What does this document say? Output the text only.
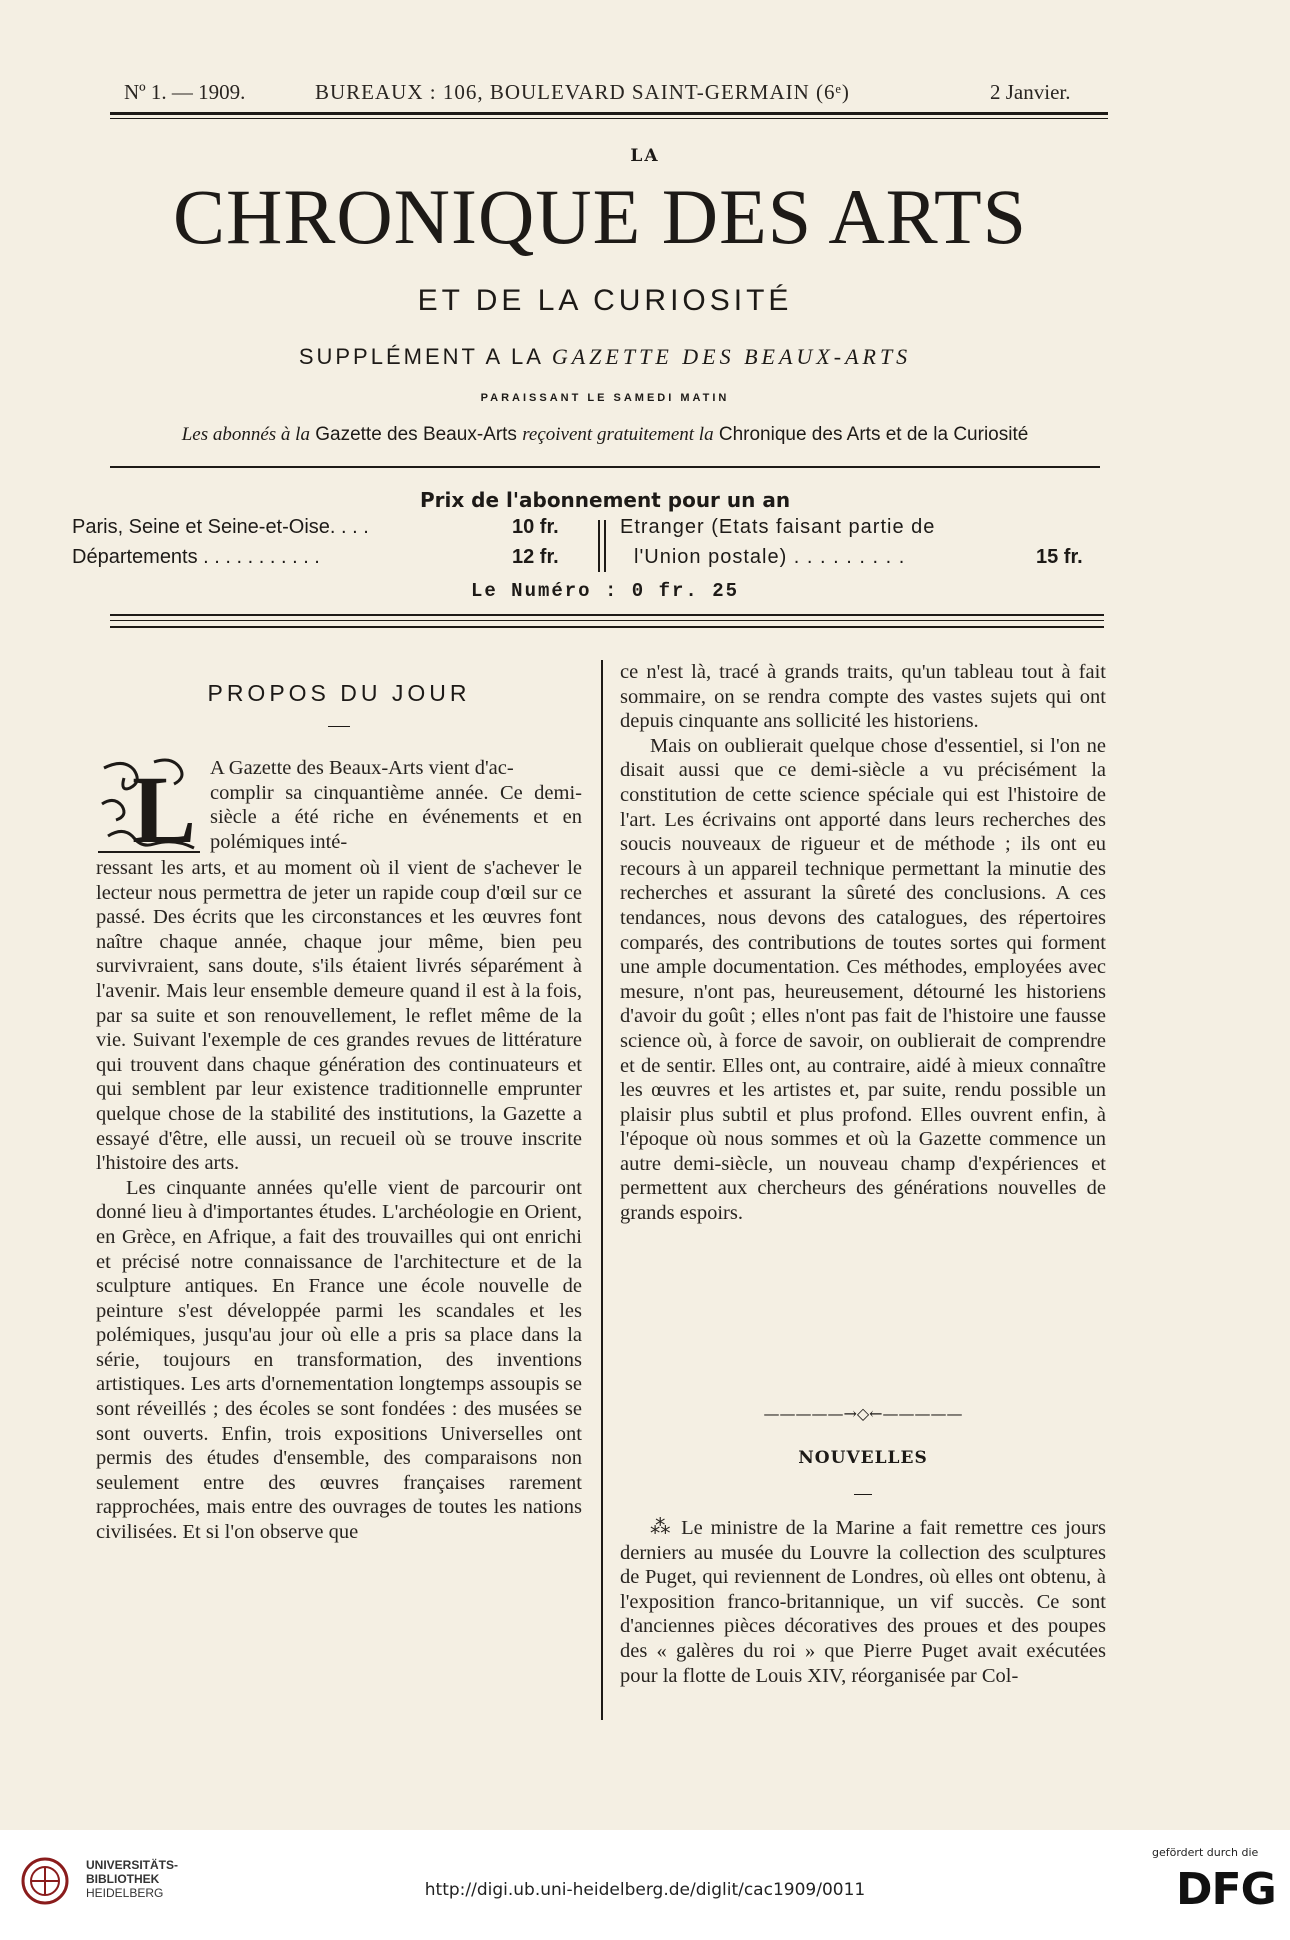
Nº 1. — 1909.	BUREAUX : 106, BOULEVARD SAINT-GERMAIN (6ᵉ)	2 Janvier.
LA
CHRONIQUE DES ARTS
ET DE LA CURIOSITÉ
SUPPLÉMENT A LA GAZETTE DES BEAUX-ARTS
PARAISSANT LE SAMEDI MATIN
Les abonnés à la Gazette des Beaux-Arts reçoivent gratuitement la Chronique des Arts et de la Curiosité
Prix de l'abonnement pour un an
Paris, Seine et Seine-et-Oise. . . .	10 fr.
Départements . . . . . . . . . . .	12 fr.
Etranger (Etats faisant partie de
l'Union postale) . . . . . . . . .	15 fr.
Le Numéro : 0 fr. 25
PROPOS DU JOUR
L A Gazette des Beaux-Arts vient d'ac-

complir sa cinquantième année. Ce demi-siècle a été riche en événements et en polémiques inté-

ressant les arts, et au moment où il vient de s'achever le lecteur nous permettra de jeter un rapide coup d'œil sur ce passé. Des écrits que les circonstances et les œuvres font naître chaque année, chaque jour même, bien peu survivraient, sans doute, s'ils étaient livrés séparément à l'avenir. Mais leur ensemble demeure quand il est à la fois, par sa suite et son renouvellement, le reflet même de la vie. Suivant l'exemple de ces grandes revues de littérature qui trouvent dans chaque génération des continuateurs et qui semblent par leur existence traditionnelle emprunter quelque chose de la stabilité des institutions, la Gazette a essayé d'être, elle aussi, un recueil où se trouve inscrite l'histoire des arts.

Les cinquante années qu'elle vient de parcourir ont donné lieu à d'importantes études. L'archéologie en Orient, en Grèce, en Afrique, a fait des trouvailles qui ont enrichi et précisé notre connaissance de l'architecture et de la sculpture antiques. En France une école nouvelle de peinture s'est développée parmi les scandales et les polémiques, jusqu'au jour où elle a pris sa place dans la série, toujours en transformation, des inventions artistiques. Les arts d'ornementation longtemps assoupis se sont réveillés ; des écoles se sont fondées : des musées se sont ouverts. Enfin, trois expositions Universelles ont permis des études d'ensemble, des comparaisons non seulement entre des œuvres françaises rarement rapprochées, mais entre des ouvrages de toutes les nations civilisées. Et si l'on observe que

ce n'est là, tracé à grands traits, qu'un tableau tout à fait sommaire, on se rendra compte des vastes sujets qui ont depuis cinquante ans sollicité les historiens.

Mais on oublierait quelque chose d'essentiel, si l'on ne disait aussi que ce demi-siècle a vu précisément la constitution de cette science spéciale qui est l'histoire de l'art. Les écrivains ont apporté dans leurs recherches des soucis nouveaux de rigueur et de méthode ; ils ont eu recours à un appareil technique permettant la minutie des recherches et assurant la sûreté des conclusions. A ces tendances, nous devons des catalogues, des répertoires comparés, des contributions de toutes sortes qui forment une ample documentation. Ces méthodes, employées avec mesure, n'ont pas, heureusement, détourné les historiens d'avoir du goût ; elles n'ont pas fait de l'histoire une fausse science où, à force de savoir, on oublierait de comprendre et de sentir. Elles ont, au contraire, aidé à mieux connaître les œuvres et les artistes et, par suite, rendu possible un plaisir plus subtil et plus profond. Elles ouvrent enfin, à l'époque où nous sommes et où la Gazette commence un autre demi-siècle, un nouveau champ d'expériences et permettent aux chercheurs des générations nouvelles de grands espoirs.

—————→◇←—————
NOUVELLES

⁂ Le ministre de la Marine a fait remettre ces jours derniers au musée du Louvre la collection des sculptures de Puget, qui reviennent de Londres, où elles ont obtenu, à l'exposition franco-britannique, un vif succès. Ce sont d'anciennes pièces décoratives des proues et des poupes des « galères du roi » que Pierre Puget avait exécutées pour la flotte de Louis XIV, réorganisée par Col-

UNIVERSITÄTS-
BIBLIOTHEK
HEIDELBERG	http://digi.ub.uni-heidelberg.de/diglit/cac1909/0011
gefördert durch die
DFG
